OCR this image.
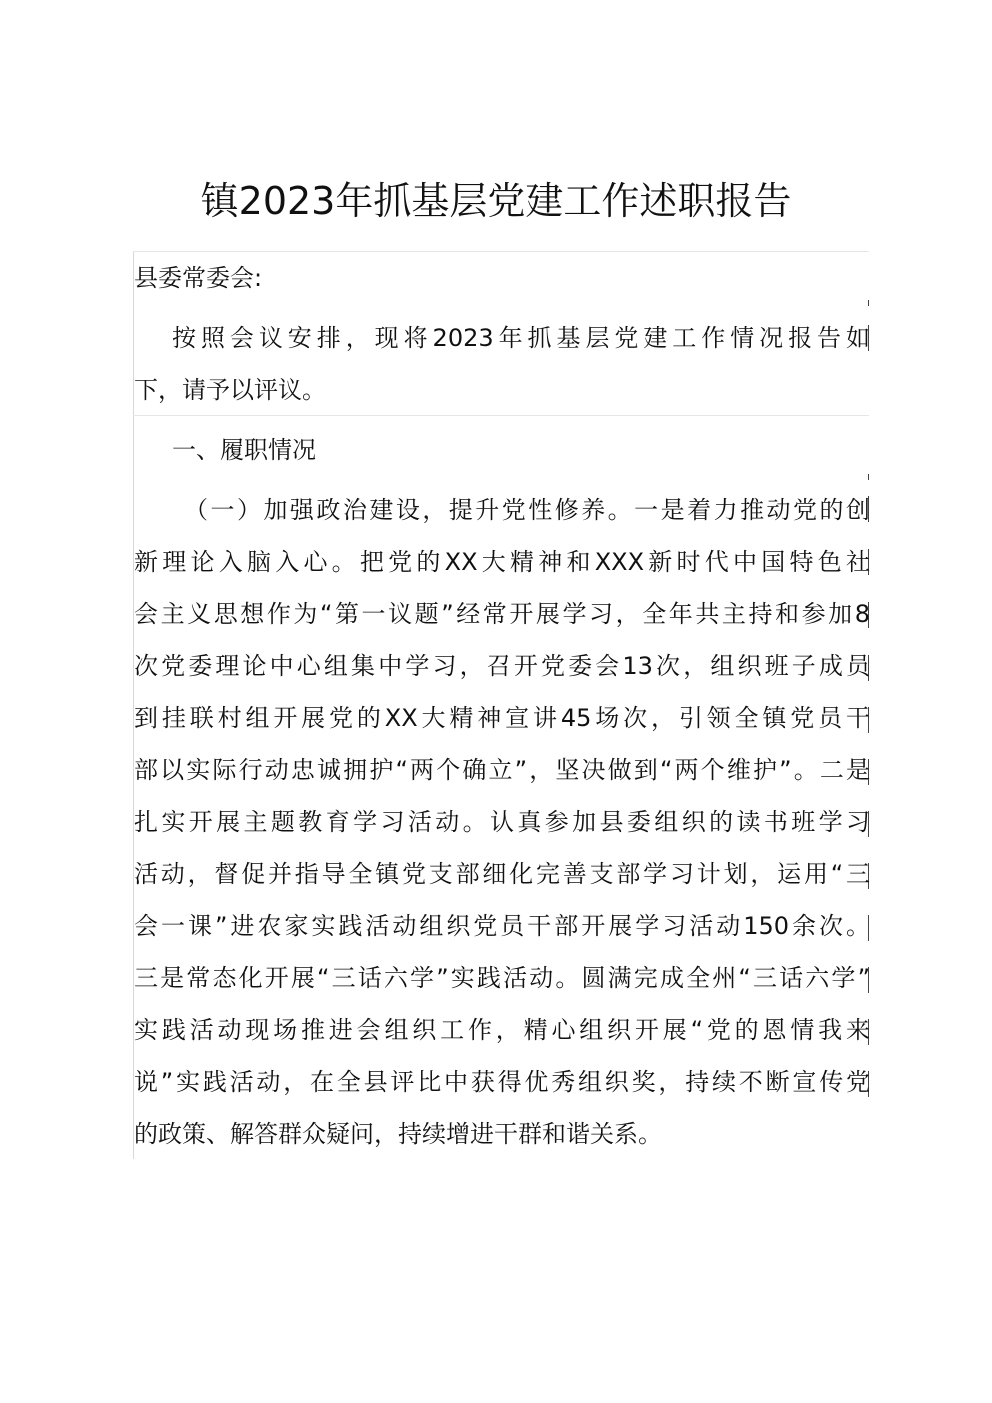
镇2023年抓基层党建工作述职报告
县委常委会:
按照会议安排，现将2023年抓基层党建工作情况报告如
下，请予以评议。
一、履职情况
（一）加强政治建设，提升党性修养。一是着力推动党的创
新理论入脑入心。把党的XX大精神和XXX新时代中国特色社
会主义思想作为“第一议题”经常开展学习，全年共主持和参加8
次党委理论中心组集中学习，召开党委会13次，组织班子成员
到挂联村组开展党的XX大精神宣讲45场次，引领全镇党员干
部以实际行动忠诚拥护“两个确立”，坚决做到“两个维护”。二是
扎实开展主题教育学习活动。认真参加县委组织的读书班学习
活动，督促并指导全镇党支部细化完善支部学习计划，运用“三
会一课”进农家实践活动组织党员干部开展学习活动150余次。
三是常态化开展“三话六学”实践活动。圆满完成全州“三话六学”
实践活动现场推进会组织工作，精心组织开展“党的恩情我来
说”实践活动，在全县评比中获得优秀组织奖，持续不断宣传党
的政策、解答群众疑问，持续增进干群和谐关系。
